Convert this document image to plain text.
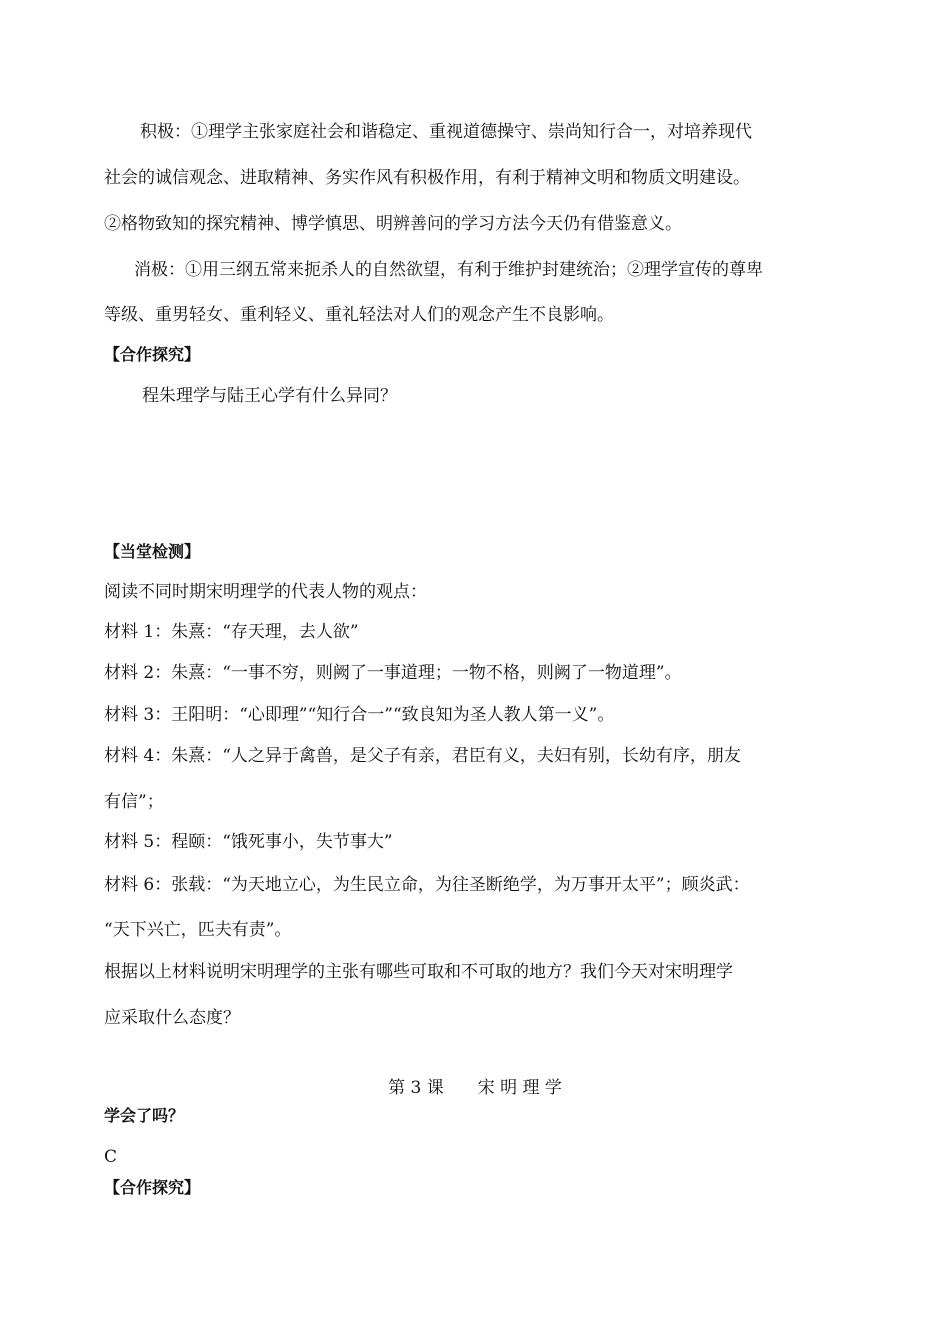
积极：①理学主张家庭社会和谐稳定、重视道德操守、崇尚知行合一，对培养现代
社会的诚信观念、进取精神、务实作风有积极作用，有利于精神文明和物质文明建设。
②格物致知的探究精神、博学慎思、明辨善问的学习方法今天仍有借鉴意义。
消极：①用三纲五常来扼杀人的自然欲望，有利于维护封建统治；②理学宣传的尊卑
等级、重男轻女、重利轻义、重礼轻法对人们的观念产生不良影响。
【合作探究】
程朱理学与陆王心学有什么异同？
【当堂检测】
阅读不同时期宋明理学的代表人物的观点：
材料 1：朱熹：“存天理，去人欲”
材料 2：朱熹：“一事不穷，则阙了一事道理；一物不格，则阙了一物道理”。
材料 3：王阳明：“心即理”“知行合一”“致良知为圣人教人第一义”。
材料 4：朱熹：“人之异于禽兽，是父子有亲，君臣有义，夫妇有别，长幼有序，朋友
有信”；
材料 5：程颐：“饿死事小，失节事大”
材料 6：张载：“为天地立心，为生民立命，为往圣断绝学，为万事开太平”；顾炎武：
“天下兴亡，匹夫有责”。
根据以上材料说明宋明理学的主张有哪些可取和不可取的地方？我们今天对宋明理学
应采取什么态度？
第 3 课　　宋 明 理 学
学会了吗？
C
【合作探究】
